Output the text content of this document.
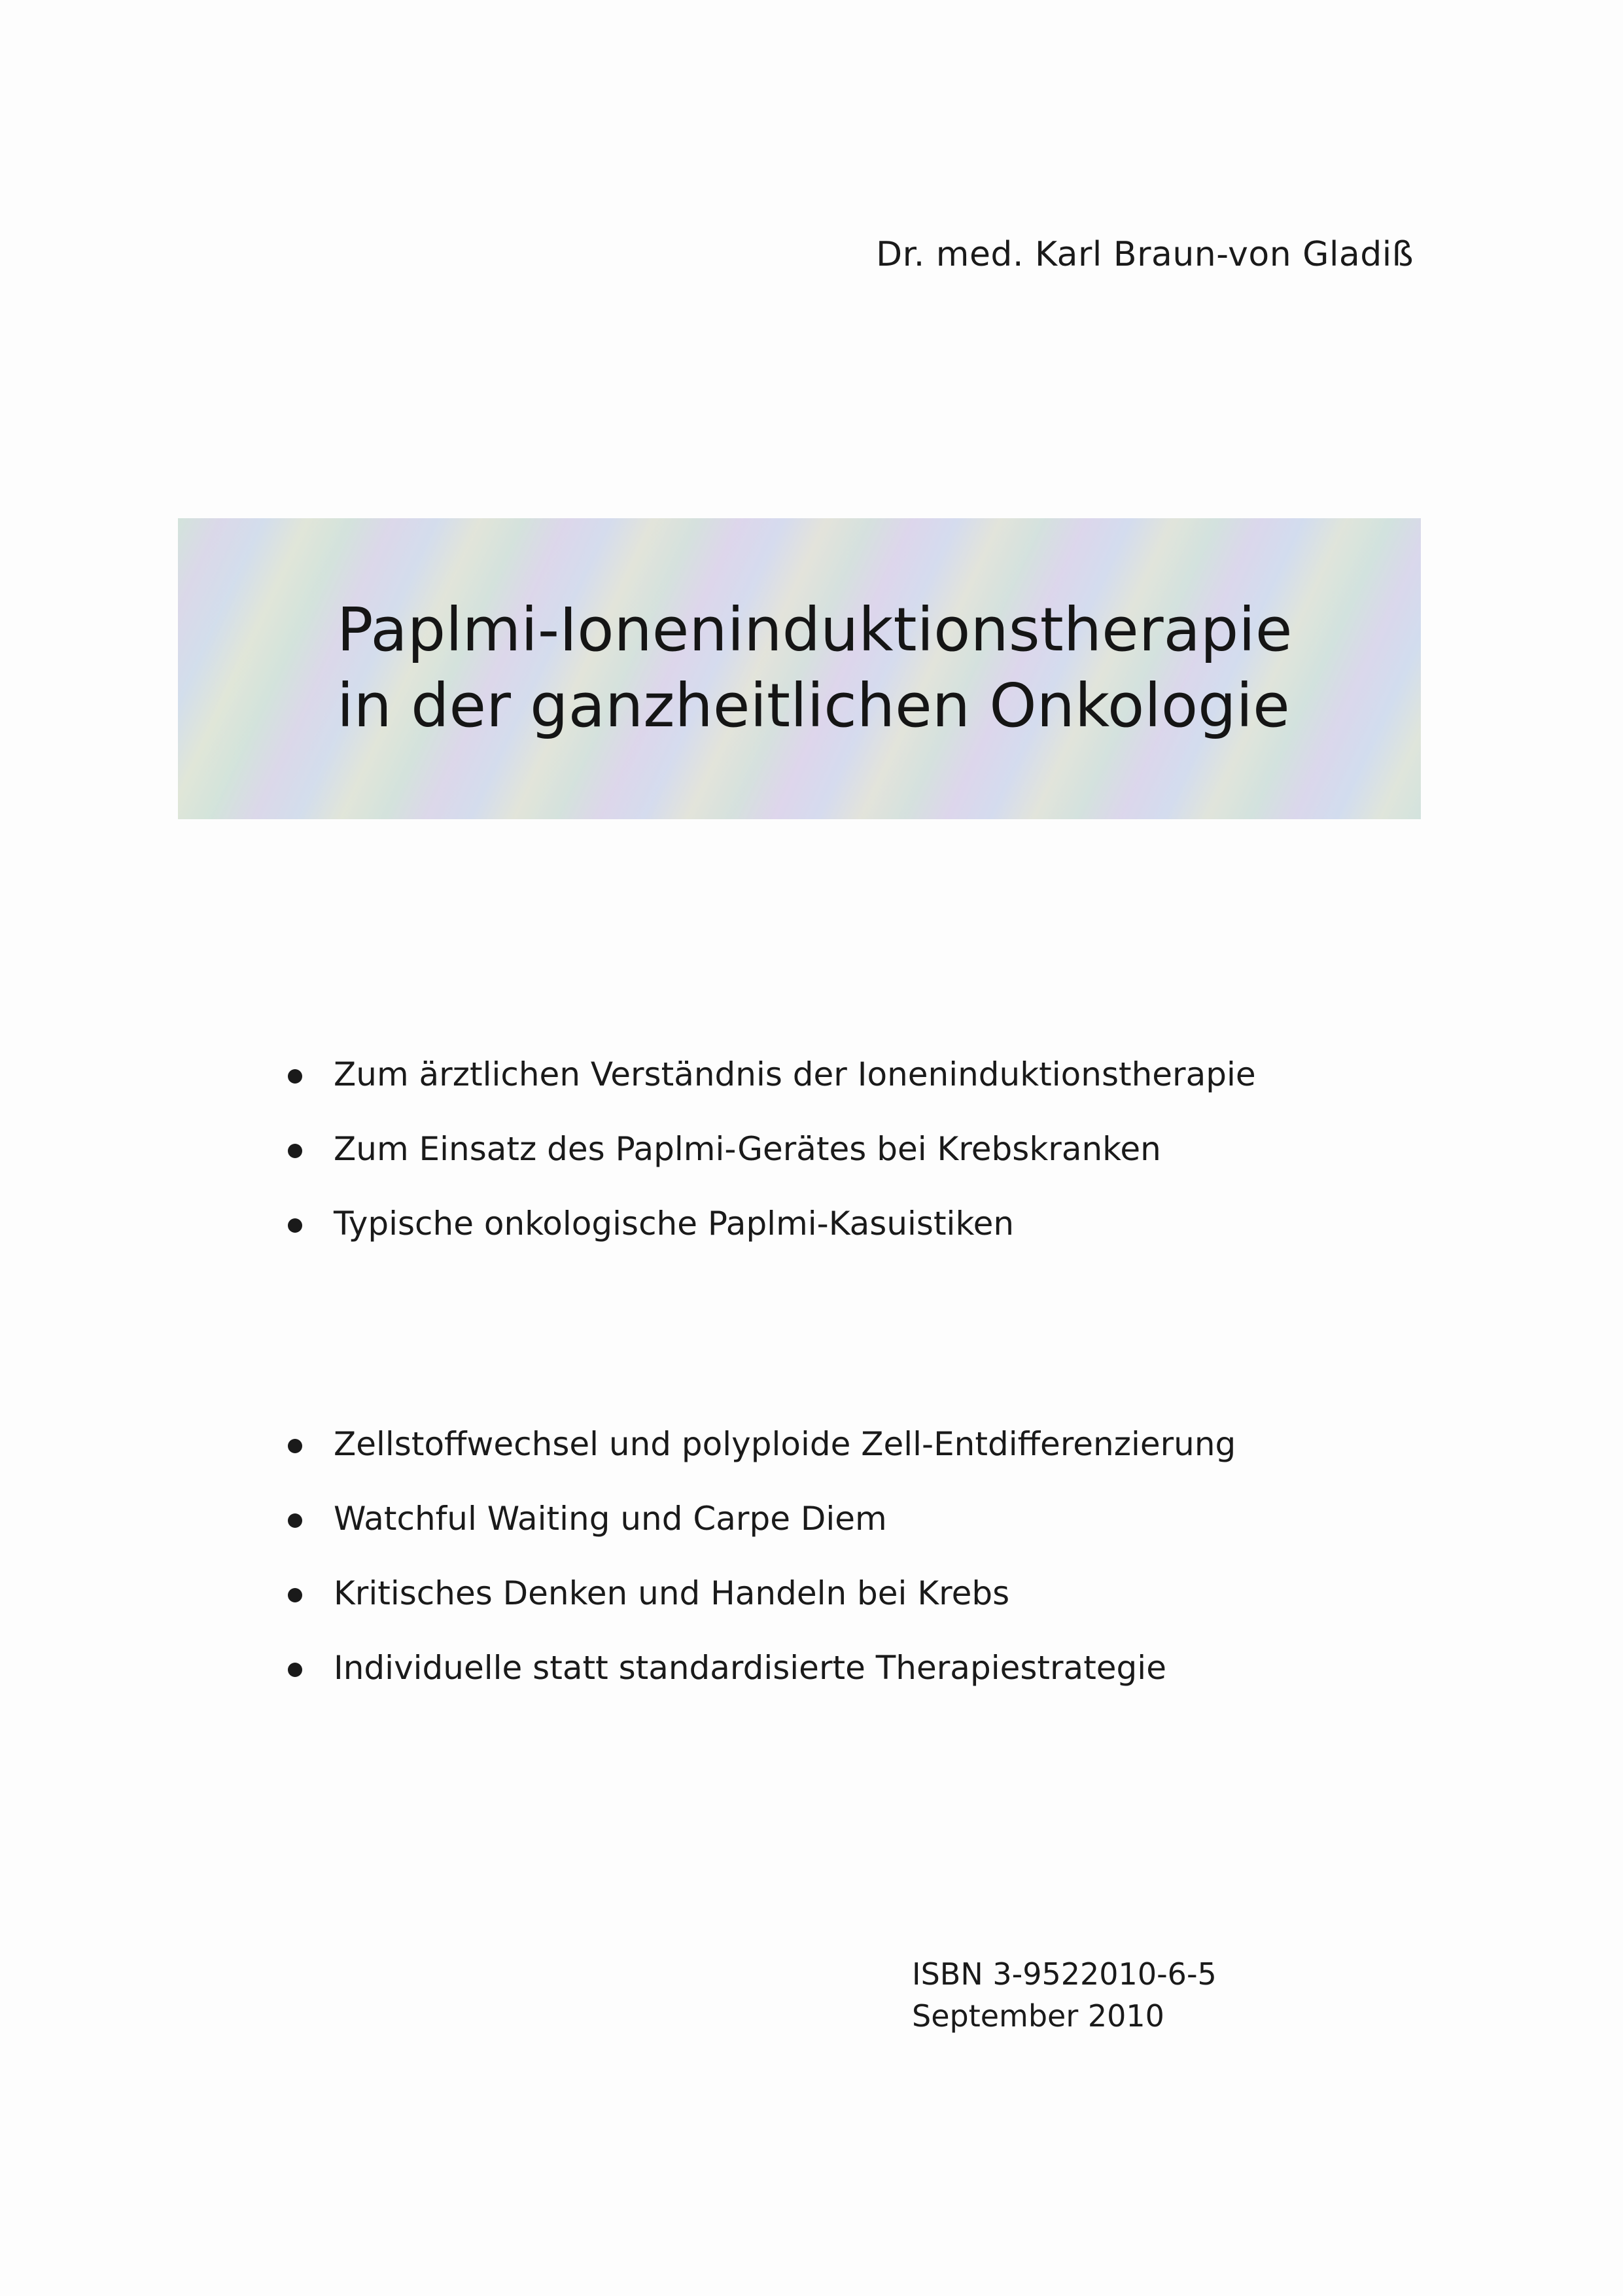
Dr. med. Karl Braun-von Gladiß
Paplmi-Ioneninduktionstherapie
in der ganzheitlichen Onkologie
Zum ärztlichen Verständnis der Ioneninduktionstherapie
Zum Einsatz des Paplmi-Gerätes bei Krebskranken
Typische onkologische Paplmi-Kasuistiken
Zellstoffwechsel und polyploide Zell-Entdifferenzierung
Watchful Waiting und Carpe Diem
Kritisches Denken und Handeln bei Krebs
Individuelle statt standardisierte Therapiestrategie
ISBN 3-9522010-6-5
September 2010
